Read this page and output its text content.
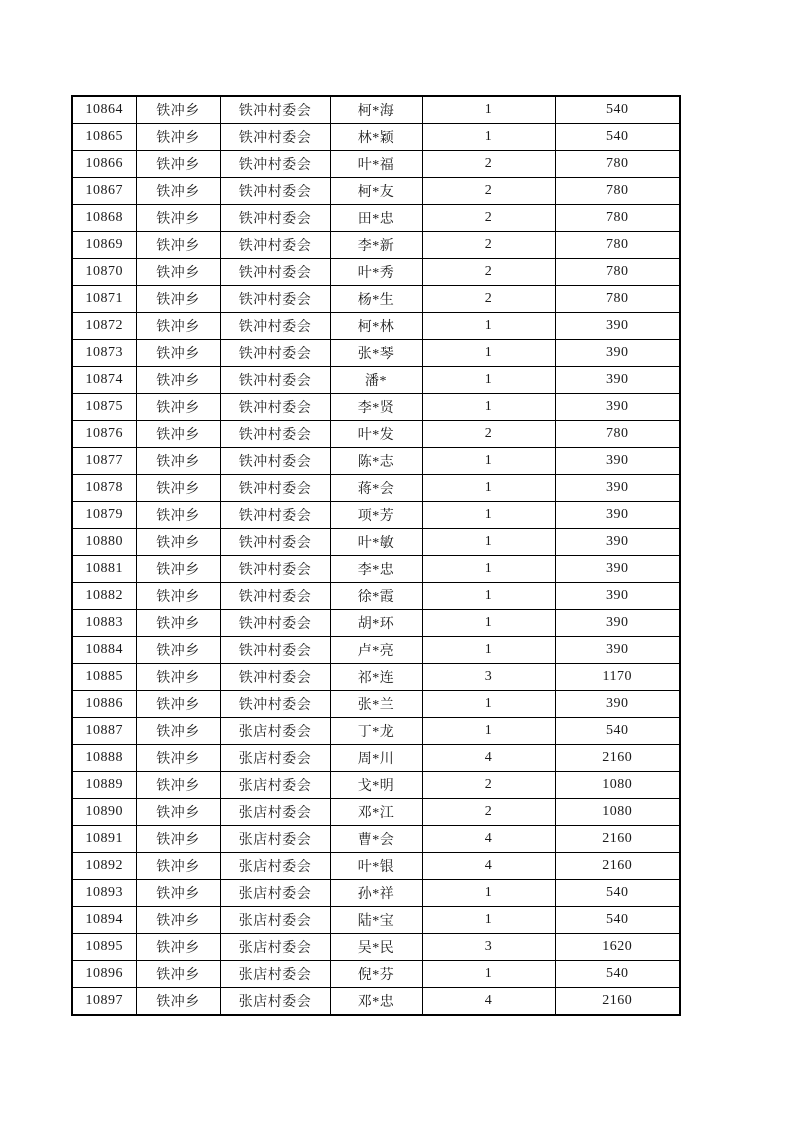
10864	铁冲乡	铁冲村委会	柯*海	1	540
10865	铁冲乡	铁冲村委会	林*颖	1	540
10866	铁冲乡	铁冲村委会	叶*福	2	780
10867	铁冲乡	铁冲村委会	柯*友	2	780
10868	铁冲乡	铁冲村委会	田*忠	2	780
10869	铁冲乡	铁冲村委会	李*新	2	780
10870	铁冲乡	铁冲村委会	叶*秀	2	780
10871	铁冲乡	铁冲村委会	杨*生	2	780
10872	铁冲乡	铁冲村委会	柯*林	1	390
10873	铁冲乡	铁冲村委会	张*琴	1	390
10874	铁冲乡	铁冲村委会	潘*	1	390
10875	铁冲乡	铁冲村委会	李*贤	1	390
10876	铁冲乡	铁冲村委会	叶*发	2	780
10877	铁冲乡	铁冲村委会	陈*志	1	390
10878	铁冲乡	铁冲村委会	蒋*会	1	390
10879	铁冲乡	铁冲村委会	项*芳	1	390
10880	铁冲乡	铁冲村委会	叶*敏	1	390
10881	铁冲乡	铁冲村委会	李*忠	1	390
10882	铁冲乡	铁冲村委会	徐*霞	1	390
10883	铁冲乡	铁冲村委会	胡*环	1	390
10884	铁冲乡	铁冲村委会	卢*亮	1	390
10885	铁冲乡	铁冲村委会	祁*连	3	1170
10886	铁冲乡	铁冲村委会	张*兰	1	390
10887	铁冲乡	张店村委会	丁*龙	1	540
10888	铁冲乡	张店村委会	周*川	4	2160
10889	铁冲乡	张店村委会	戈*明	2	1080
10890	铁冲乡	张店村委会	邓*江	2	1080
10891	铁冲乡	张店村委会	曹*会	4	2160
10892	铁冲乡	张店村委会	叶*银	4	2160
10893	铁冲乡	张店村委会	孙*祥	1	540
10894	铁冲乡	张店村委会	陆*宝	1	540
10895	铁冲乡	张店村委会	吴*民	3	1620
10896	铁冲乡	张店村委会	倪*芬	1	540
10897	铁冲乡	张店村委会	邓*忠	4	2160
